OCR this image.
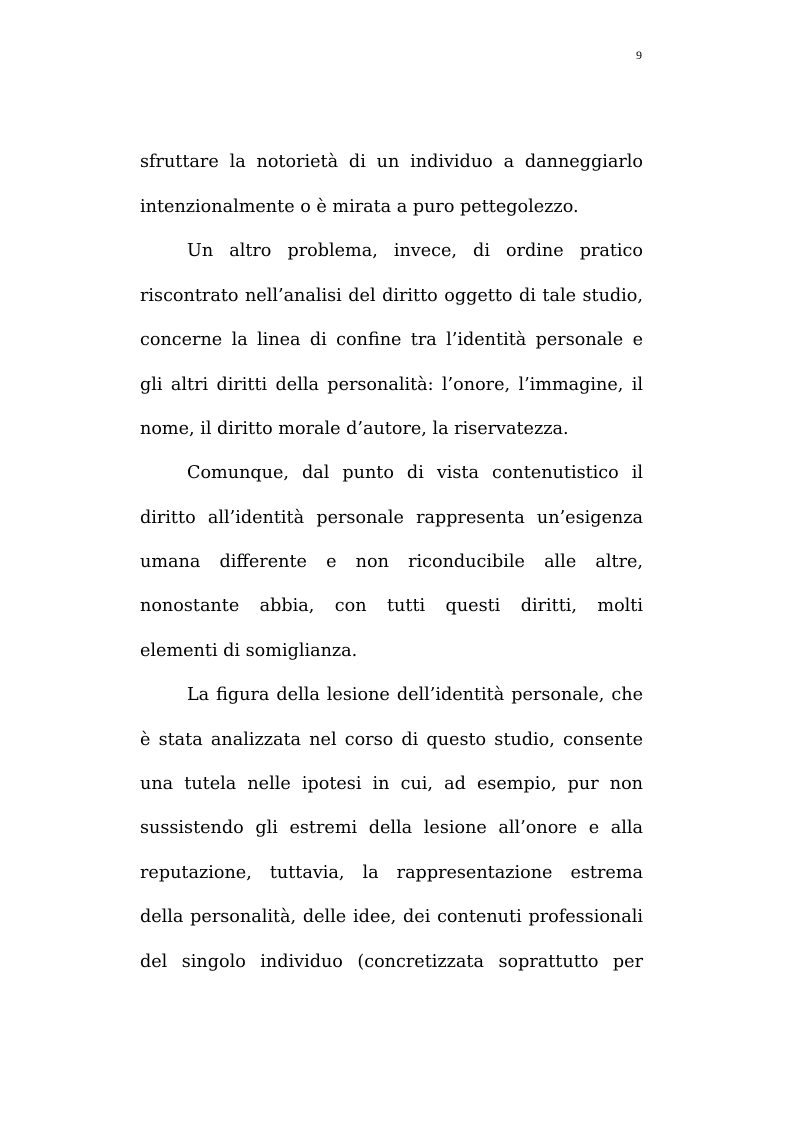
9
sfruttare la notorietà di un individuo a danneggiarlo
intenzionalmente o è mirata a puro pettegolezzo.
Un altro problema, invece, di ordine pratico
riscontrato nell’analisi del diritto oggetto di tale studio,
concerne la linea di confine tra l’identità personale e
gli altri diritti della personalità: l’onore, l’immagine, il
nome, il diritto morale d’autore, la riservatezza.
Comunque, dal punto di vista contenutistico il
diritto all’identità personale rappresenta un’esigenza
umana differente e non riconducibile alle altre,
nonostante abbia, con tutti questi diritti, molti
elementi di somiglianza.
La figura della lesione dell’identità personale, che
è stata analizzata nel corso di questo studio, consente
una tutela nelle ipotesi in cui, ad esempio, pur non
sussistendo gli estremi della lesione all’onore e alla
reputazione, tuttavia, la rappresentazione estrema
della personalità, delle idee, dei contenuti professionali
del singolo individuo (concretizzata soprattutto per
